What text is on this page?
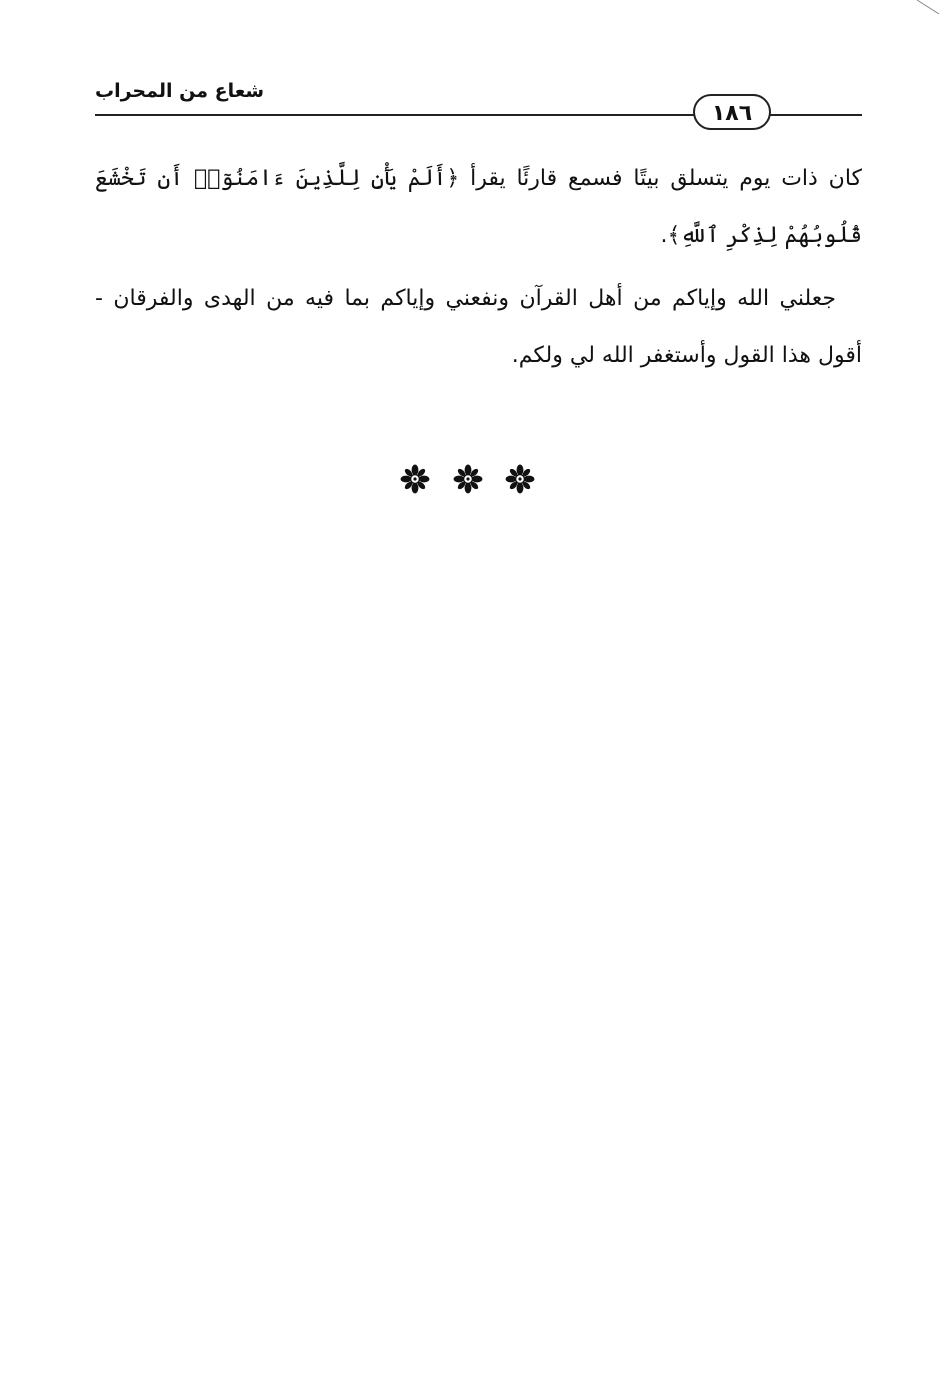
شعاع من المحراب
١٨٦
كان ذات يوم يتسلق بيتًا فسمع قارئًا يقرأ ﴿أَلَمْ يَأْنِ لِلَّذِينَ ءَامَنُوٓا۟ أَن تَخْشَعَ قُلُوبُهُمْ لِذِكْرِ ٱللَّهِ﴾.
جعلني الله وإياكم من أهل القرآن ونفعني وإياكم بما فيه من الهدى والفرقان - أقول هذا القول وأستغفر الله لي ولكم.
